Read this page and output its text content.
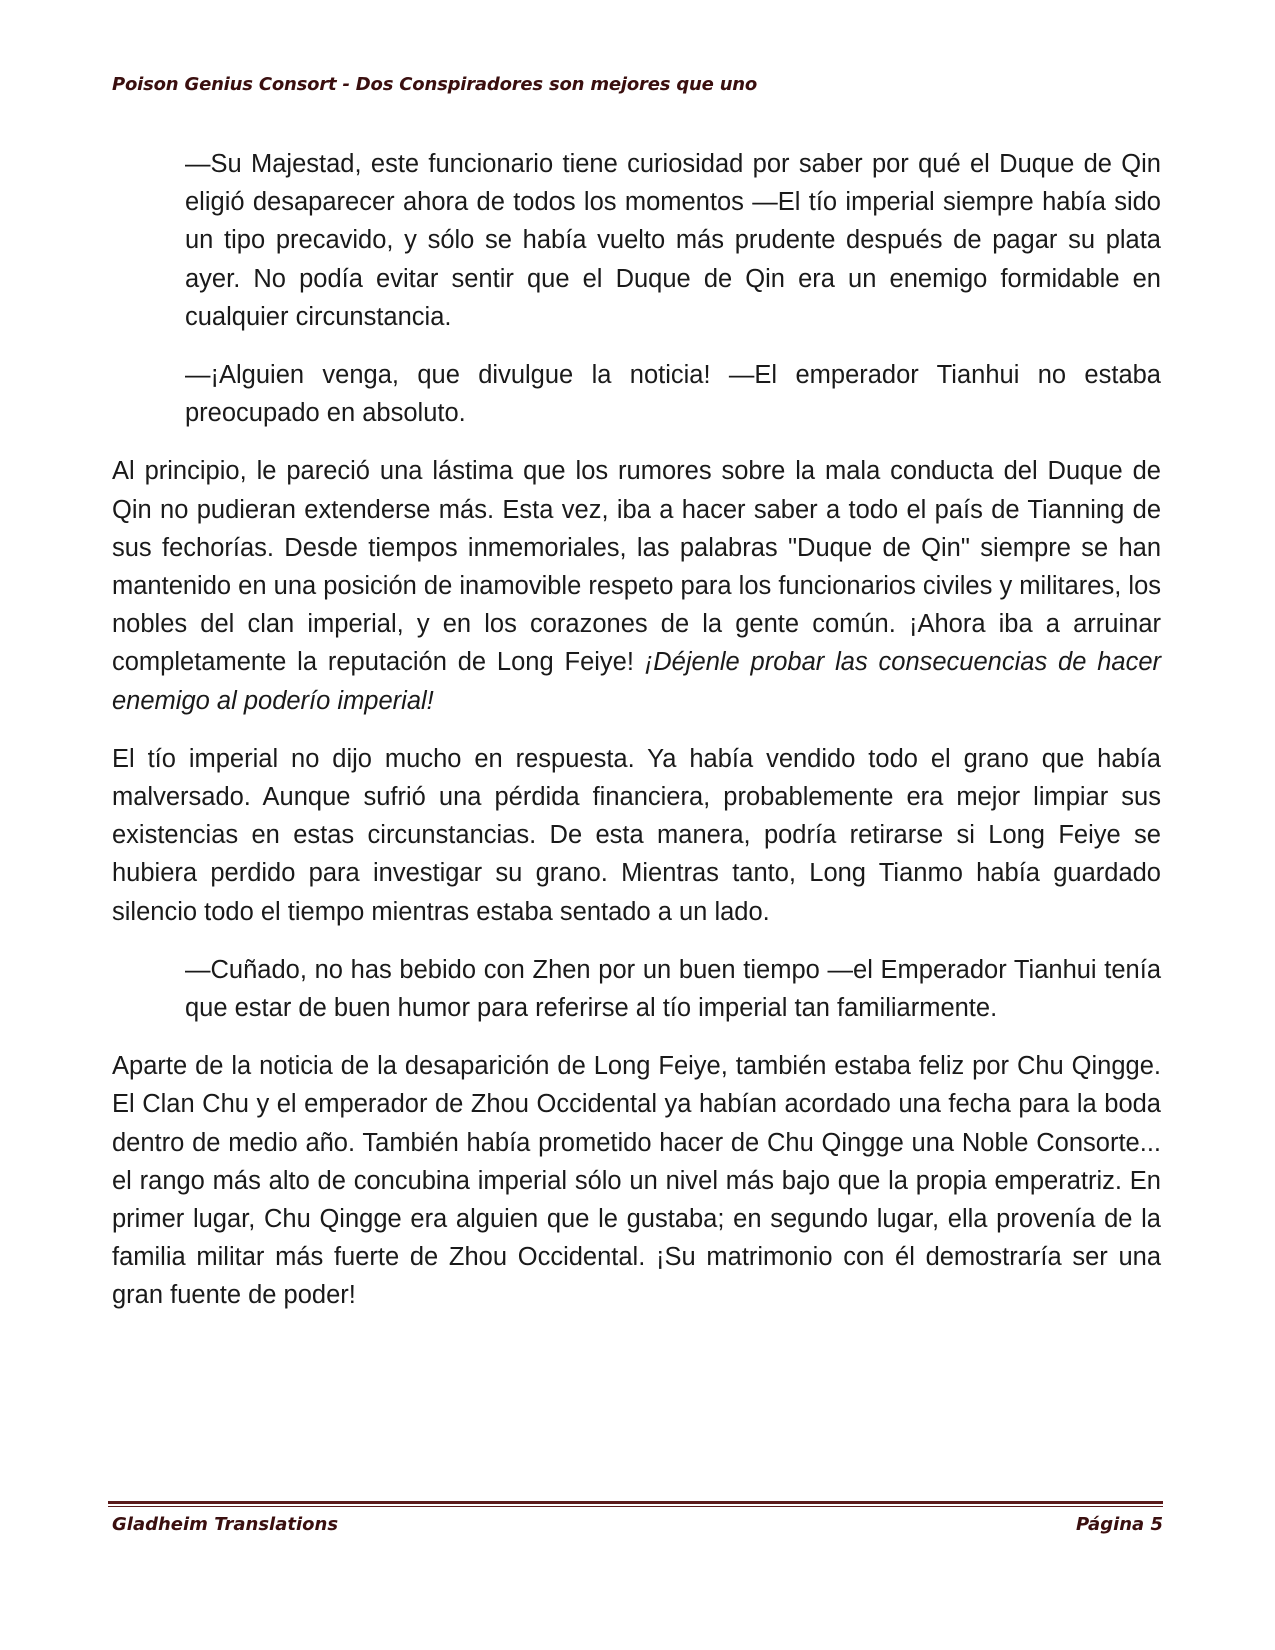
Poison Genius Consort - Dos Conspiradores son mejores que uno

—Su Majestad, este funcionario tiene curiosidad por saber por qué el Duque de Qin eligió desaparecer ahora de todos los momentos —El tío imperial siempre había sido un tipo precavido, y sólo se había vuelto más prudente después de pagar su plata ayer. No podía evitar sentir que el Duque de Qin era un enemigo formidable en cualquier circunstancia.

—¡Alguien venga, que divulgue la noticia! —El emperador Tianhui no estaba preocupado en absoluto.

Al principio, le pareció una lástima que los rumores sobre la mala conducta del Duque de Qin no pudieran extenderse más. Esta vez, iba a hacer saber a todo el país de Tianning de sus fechorías. Desde tiempos inmemoriales, las palabras "Duque de Qin" siempre se han mantenido en una posición de inamovible respeto para los funcionarios civiles y militares, los nobles del clan imperial, y en los corazones de la gente común. ¡Ahora iba a arruinar completamente la reputación de Long Feiye! ¡Déjenle probar las consecuencias de hacer enemigo al poderío imperial!

El tío imperial no dijo mucho en respuesta. Ya había vendido todo el grano que había malversado. Aunque sufrió una pérdida financiera, probablemente era mejor limpiar sus existencias en estas circunstancias. De esta manera, podría retirarse si Long Feiye se hubiera perdido para investigar su grano. Mientras tanto, Long Tianmo había guardado silencio todo el tiempo mientras estaba sentado a un lado.

—Cuñado, no has bebido con Zhen por un buen tiempo —el Emperador Tianhui tenía que estar de buen humor para referirse al tío imperial tan familiarmente.

Aparte de la noticia de la desaparición de Long Feiye, también estaba feliz por Chu Qingge. El Clan Chu y el emperador de Zhou Occidental ya habían acordado una fecha para la boda dentro de medio año. También había prometido hacer de Chu Qingge una Noble Consorte... el rango más alto de concubina imperial sólo un nivel más bajo que la propia emperatriz. En primer lugar, Chu Qingge era alguien que le gustaba; en segundo lugar, ella provenía de la familia militar más fuerte de Zhou Occidental. ¡Su matrimonio con él demostraría ser una gran fuente de poder!

Gladheim Translations	Página 5
